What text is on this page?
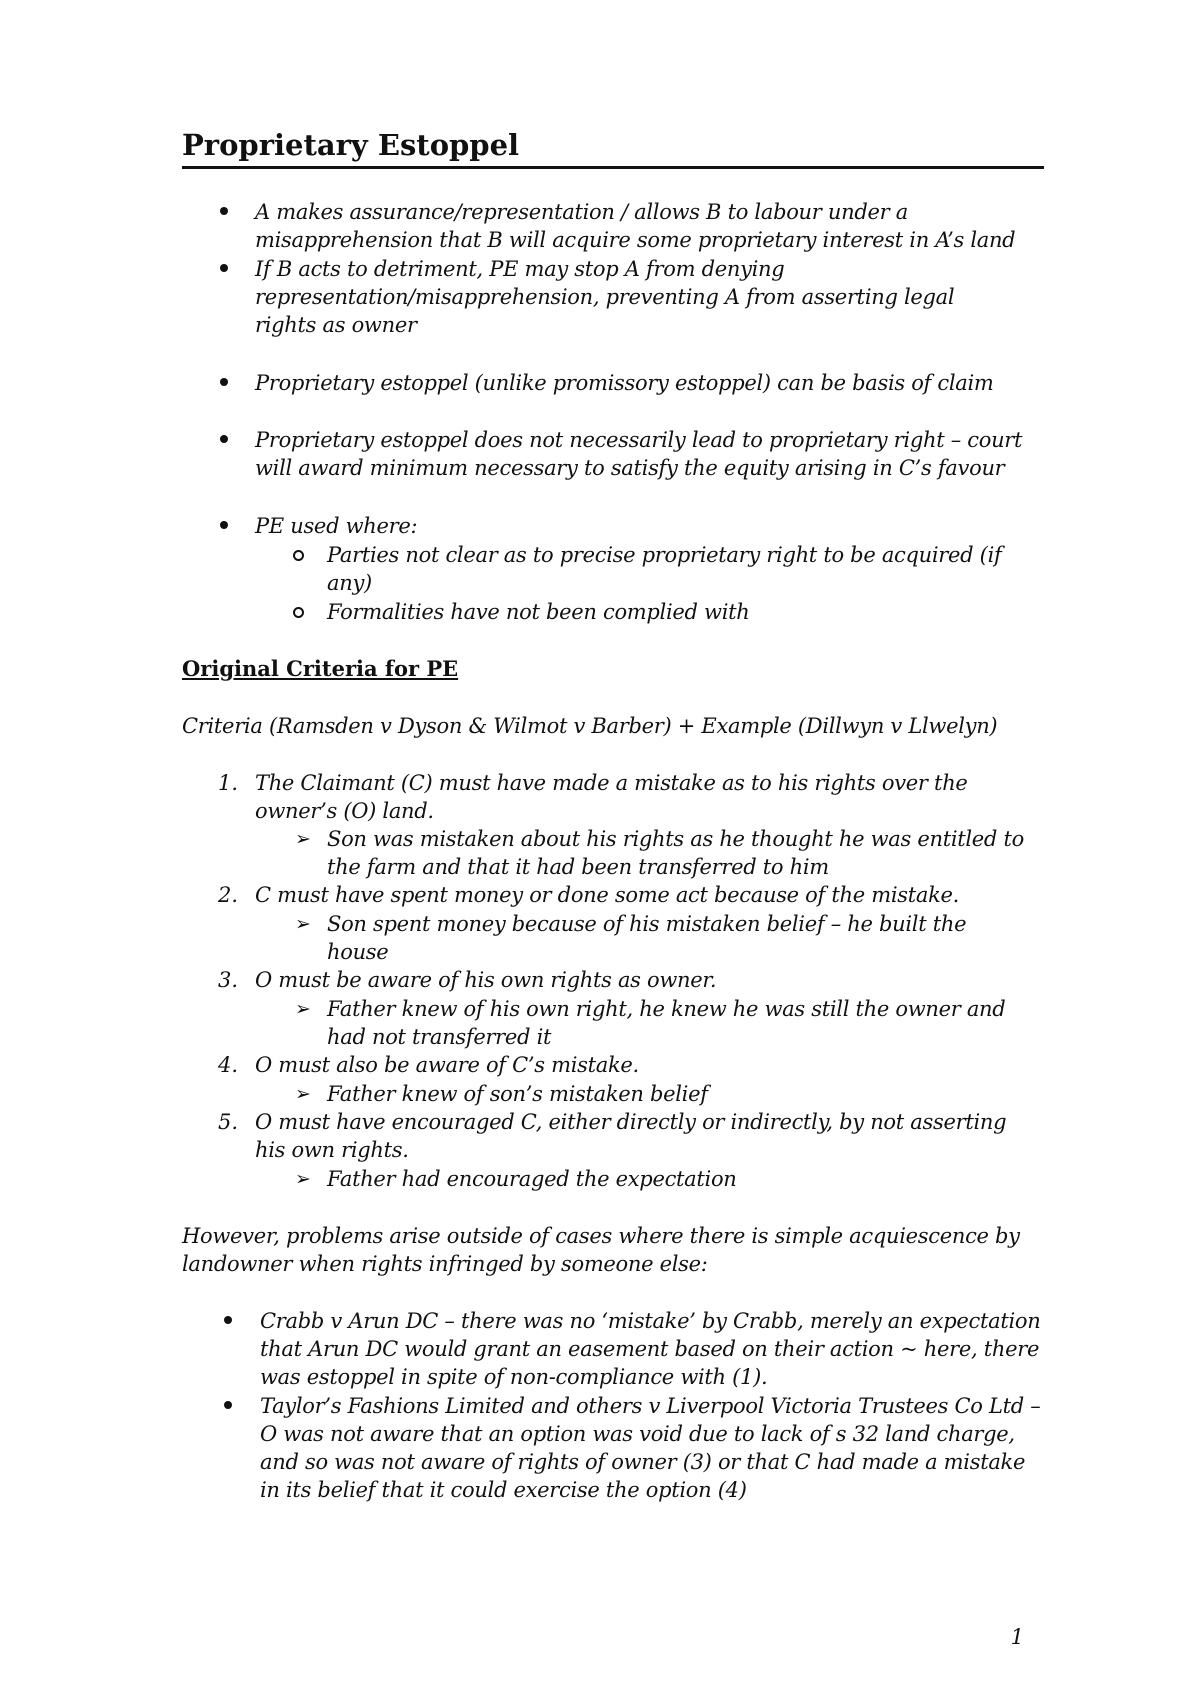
Proprietary Estoppel
A makes assurance/representation / allows B to labour under a
misapprehension that B will acquire some proprietary interest in A’s land
If B acts to detriment, PE may stop A from denying
representation/misapprehension, preventing A from asserting legal
rights as owner
Proprietary estoppel (unlike promissory estoppel) can be basis of claim
Proprietary estoppel does not necessarily lead to proprietary right – court
will award minimum necessary to satisfy the equity arising in C’s favour
PE used where:
Parties not clear as to precise proprietary right to be acquired (if
any)
Formalities have not been complied with
Original Criteria for PE
Criteria (Ramsden v Dyson & Wilmot v Barber) + Example (Dillwyn v Llwelyn)
1. The Claimant (C) must have made a mistake as to his rights over the
owner’s (O) land.
➢ Son was mistaken about his rights as he thought he was entitled to
the farm and that it had been transferred to him
2. C must have spent money or done some act because of the mistake.
➢ Son spent money because of his mistaken belief – he built the
house
3. O must be aware of his own rights as owner.
➢ Father knew of his own right, he knew he was still the owner and
had not transferred it
4. O must also be aware of C’s mistake.
➢ Father knew of son’s mistaken belief
5. O must have encouraged C, either directly or indirectly, by not asserting
his own rights.
➢ Father had encouraged the expectation
However, problems arise outside of cases where there is simple acquiescence by
landowner when rights infringed by someone else:
Crabb v Arun DC – there was no ‘mistake’ by Crabb, merely an expectation
that Arun DC would grant an easement based on their action ~ here, there
was estoppel in spite of non-compliance with (1).
Taylor’s Fashions Limited and others v Liverpool Victoria Trustees Co Ltd –
O was not aware that an option was void due to lack of s 32 land charge,
and so was not aware of rights of owner (3) or that C had made a mistake
in its belief that it could exercise the option (4)
1
